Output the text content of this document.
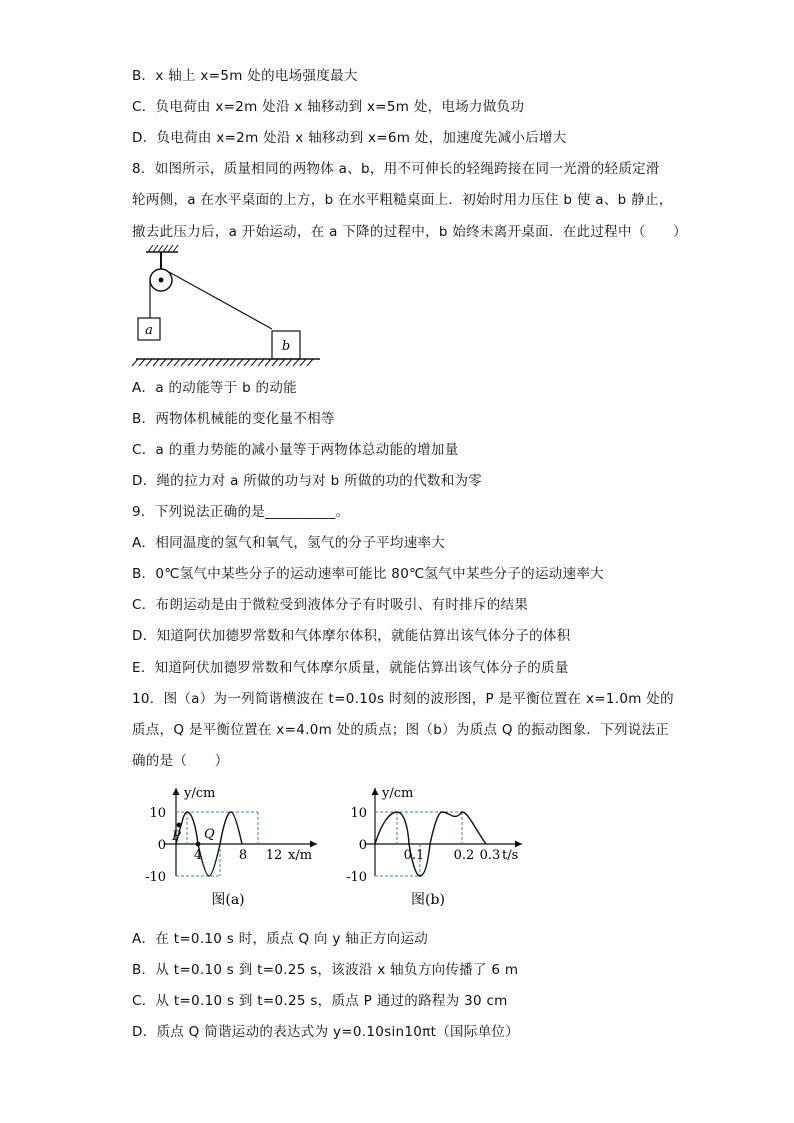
B．x 轴上 x=5m 处的电场强度最大
C．负电荷由 x=2m 处沿 x 轴移动到 x=5m 处，电场力做负功
D．负电荷由 x=2m 处沿 x 轴移动到 x=6m 处，加速度先减小后增大
8．如图所示，质量相同的两物体 a、b，用不可伸长的轻绳跨接在同一光滑的轻质定滑
轮两侧，a 在水平桌面的上方，b 在水平粗糙桌面上．初始时用力压住 b 使 a、b 静止，
撤去此压力后，a 开始运动，在 a 下降的过程中，b 始终未离开桌面．在此过程中（　　）
a
b
A．a 的动能等于 b 的动能
B．两物体机械能的变化量不相等
C．a 的重力势能的减小量等于两物体总动能的增加量
D．绳的拉力对 a 所做的功与对 b 所做的功的代数和为零
9．下列说法正确的是__________。
A．相同温度的氢气和氧气，氢气的分子平均速率大
B．0℃氢气中某些分子的运动速率可能比 80℃氢气中某些分子的运动速率大
C．布朗运动是由于微粒受到液体分子有时吸引、有时排斥的结果
D．知道阿伏加德罗常数和气体摩尔体积，就能估算出该气体分子的体积
E．知道阿伏加德罗常数和气体摩尔质量，就能估算出该气体分子的质量
10．图（a）为一列简谐横波在 t=0.10s 时刻的波形图，P 是平衡位置在 x=1.0m 处的
质点，Q 是平衡位置在 x=4.0m 处的质点；图（b）为质点 Q 的振动图象．下列说法正
确的是（　　）
y/cm
x/m
10
0
-10
P Q
4	8 12
图(a)
y/cm
t/s
10
0
-10
0.1 0.2 0.3
图(b)
A．在 t=0.10 s 时，质点 Q 向 y 轴正方向运动
B．从 t=0.10 s 到 t=0.25 s，该波沿 x 轴负方向传播了 6 m
C．从 t=0.10 s 到 t=0.25 s，质点 P 通过的路程为 30 cm
D．质点 Q 简谐运动的表达式为 y=0.10sin10πt（国际单位）
